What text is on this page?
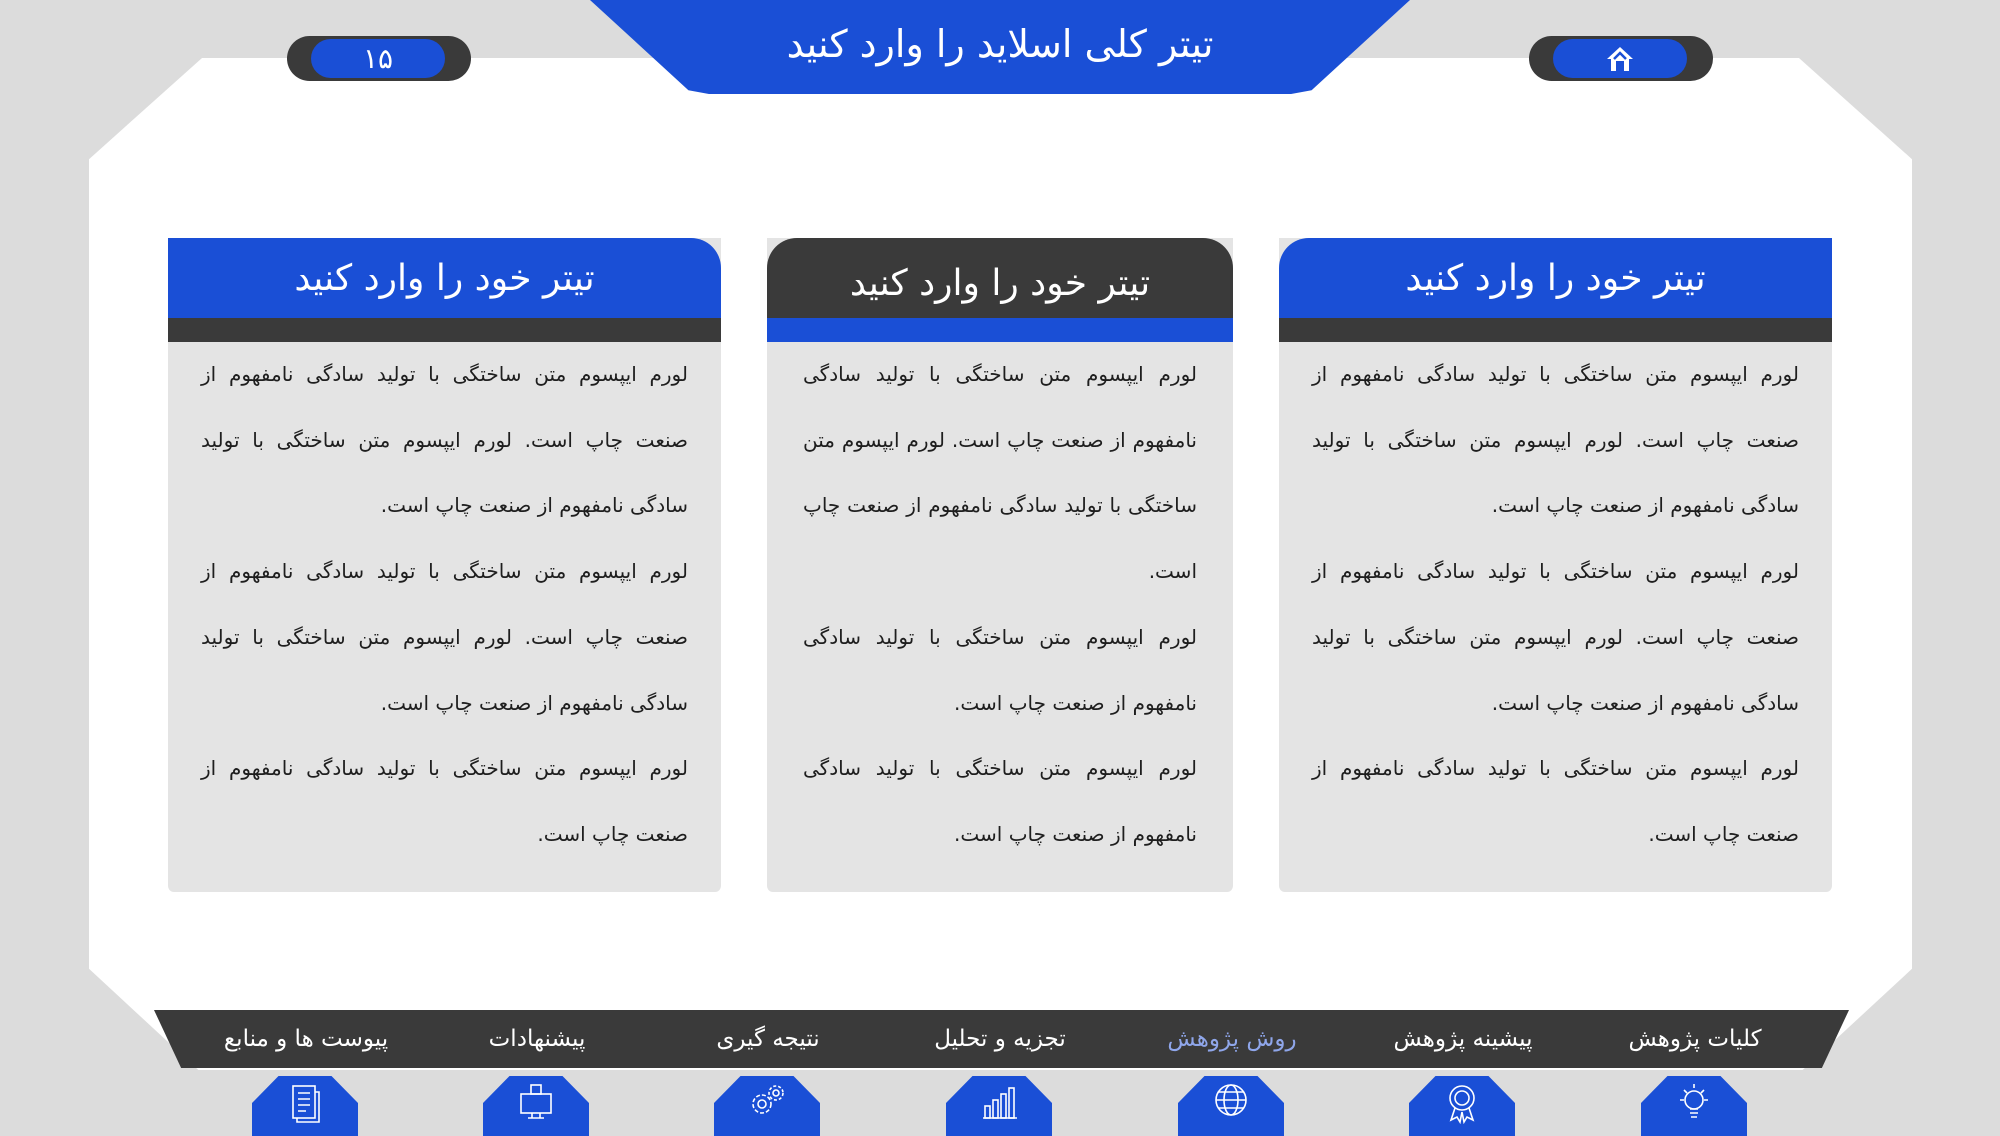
تیتر کلی اسلاید را وارد کنید
۱۵
تیتر خود را وارد کنید

لورم ایپسوم متن ساختگی با تولید سادگی نامفهوم از صنعت چاپ است. لورم ایپسوم متن ساختگی با تولید سادگی نامفهوم از صنعت چاپ است.

لورم ایپسوم متن ساختگی با تولید سادگی نامفهوم از صنعت چاپ است. لورم ایپسوم متن ساختگی با تولید سادگی نامفهوم از صنعت چاپ است.

لورم ایپسوم متن ساختگی با تولید سادگی نامفهوم از صنعت چاپ است.

تیتر خود را وارد کنید

لورم ایپسوم متن ساختگی با تولید سادگی نامفهوم از صنعت چاپ است. لورم ایپسوم متن ساختگی با تولید سادگی نامفهوم از صنعت چاپ است.

لورم ایپسوم متن ساختگی با تولید سادگی نامفهوم از صنعت چاپ است.

لورم ایپسوم متن ساختگی با تولید سادگی نامفهوم از صنعت چاپ است.

تیتر خود را وارد کنید

لورم ایپسوم متن ساختگی با تولید سادگی نامفهوم از صنعت چاپ است. لورم ایپسوم متن ساختگی با تولید سادگی نامفهوم از صنعت چاپ است.

لورم ایپسوم متن ساختگی با تولید سادگی نامفهوم از صنعت چاپ است. لورم ایپسوم متن ساختگی با تولید سادگی نامفهوم از صنعت چاپ است.

لورم ایپسوم متن ساختگی با تولید سادگی نامفهوم از صنعت چاپ است.

کلیات پژوهش
پیشینه پژوهش
روش پژوهش
تجزیه و تحلیل
نتیجه گیری
پیشنهادات
پیوست ها و منابع
